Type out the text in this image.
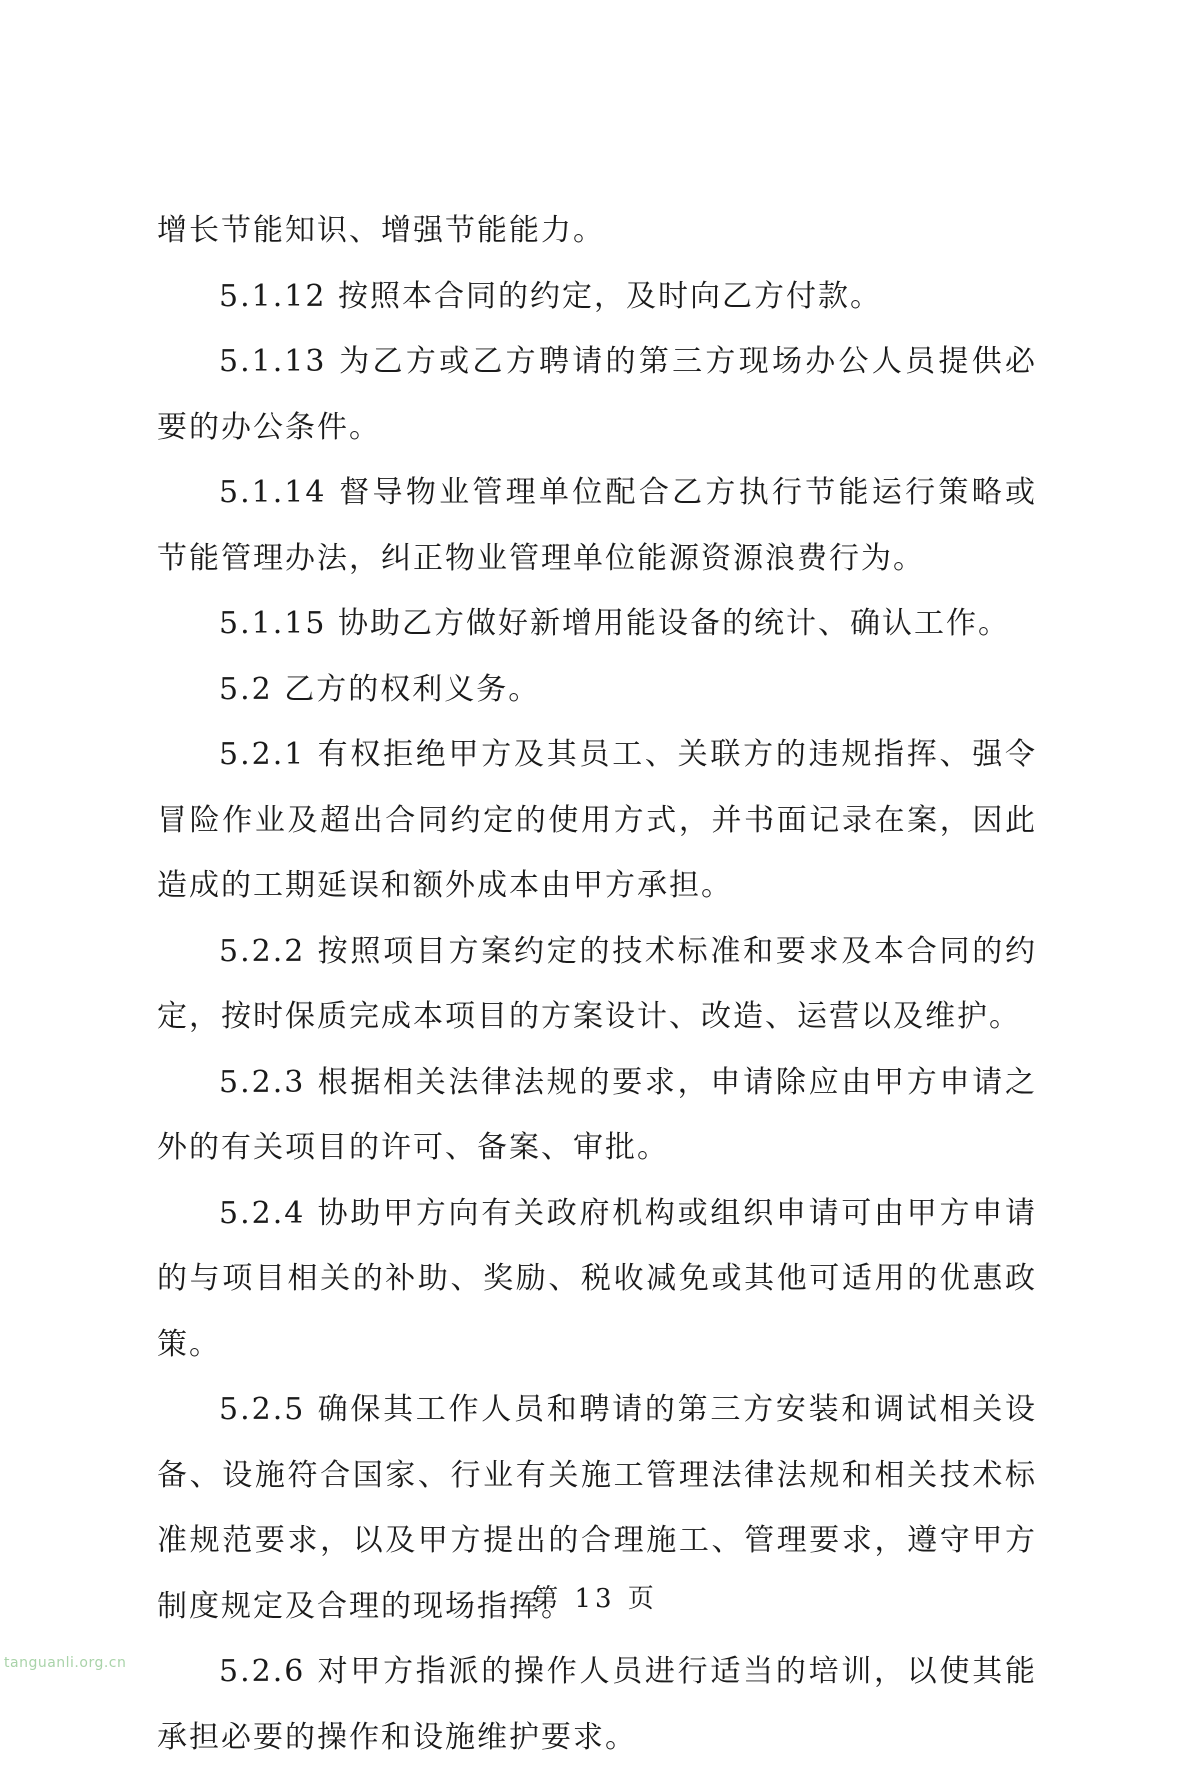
增长节能知识、增强节能能力。

5.1.12 按照本合同的约定，及时向乙方付款。

5.1.13 为乙方或乙方聘请的第三方现场办公人员提供必要的办公条件。

5.1.14 督导物业管理单位配合乙方执行节能运行策略或节能管理办法，纠正物业管理单位能源资源浪费行为。

5.1.15 协助乙方做好新增用能设备的统计、确认工作。

5.2 乙方的权利义务。

5.2.1 有权拒绝甲方及其员工、关联方的违规指挥、强令冒险作业及超出合同约定的使用方式，并书面记录在案，因此造成的工期延误和额外成本由甲方承担。

5.2.2 按照项目方案约定的技术标准和要求及本合同的约定，按时保质完成本项目的方案设计、改造、运营以及维护。

5.2.3 根据相关法律法规的要求，申请除应由甲方申请之外的有关项目的许可、备案、审批。

5.2.4 协助甲方向有关政府机构或组织申请可由甲方申请的与项目相关的补助、奖励、税收减免或其他可适用的优惠政策。

5.2.5 确保其工作人员和聘请的第三方安装和调试相关设备、设施符合国家、行业有关施工管理法律法规和相关技术标准规范要求，以及甲方提出的合理施工、管理要求，遵守甲方制度规定及合理的现场指挥。

5.2.6 对甲方指派的操作人员进行适当的培训，以使其能承担必要的操作和设施维护要求。

第 13 页
tanguanli.org.cn
